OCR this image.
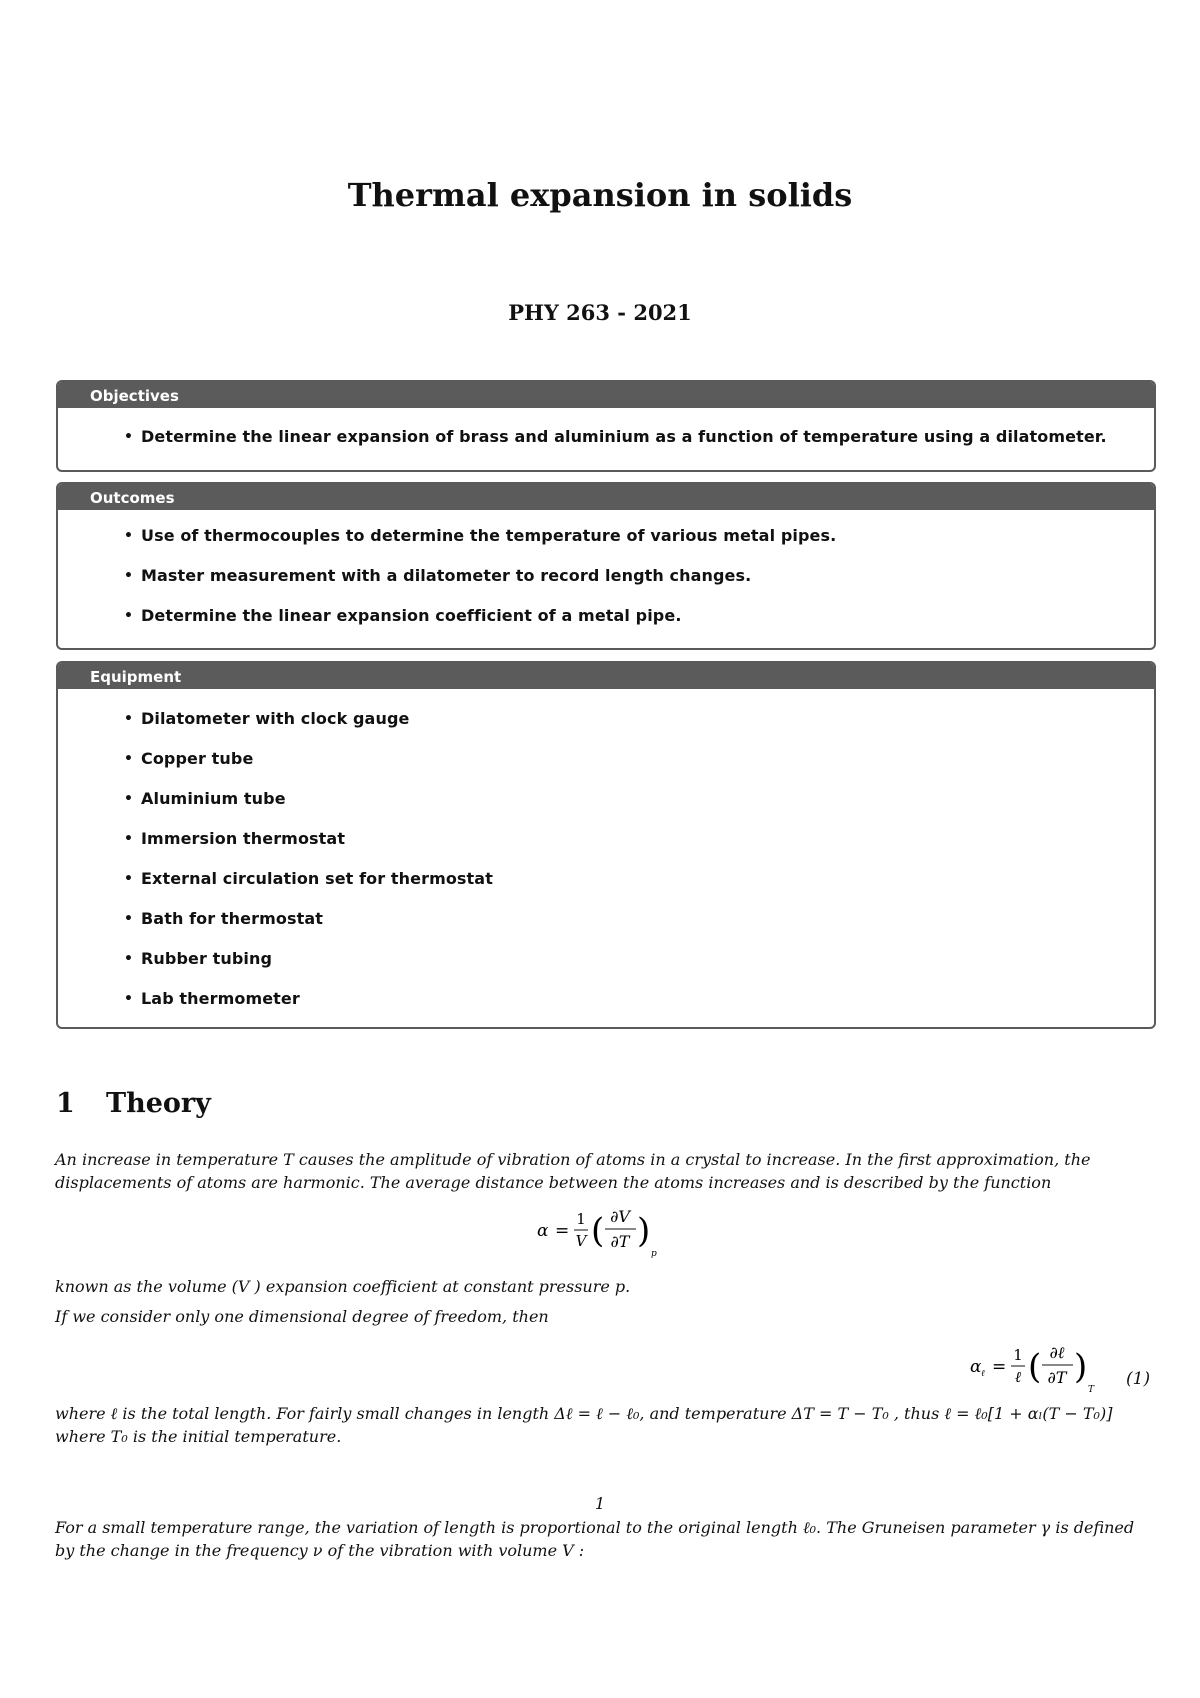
Thermal expansion in solids
PHY 263 - 2021
Objectives
• Determine the linear expansion of brass and aluminium as a function of temperature using a dilatometer.
Outcomes
• Use of thermocouples to determine the temperature of various metal pipes.
• Master measurement with a dilatometer to record length changes.
• Determine the linear expansion coefficient of a metal pipe.
Equipment
• Dilatometer with clock gauge
• Copper tube
• Aluminium tube
• Immersion thermostat
• External circulation set for thermostat
• Bath for thermostat
• Rubber tubing
• Lab thermometer
1 Theory

An increase in temperature T causes the amplitude of vibration of atoms in a crystal to increase. In the first approximation, the displacements of atoms are harmonic. The average distance between the atoms increases and is described by the function

α =
1
V ( ∂V
∂T )
p

known as the volume (V ) expansion coefficient at constant pressure p.

If we consider only one dimensional degree of freedom, then

α ℓ =
1
ℓ ( ∂ℓ
∂T )
T
(1)

where ℓ is the total length. For fairly small changes in length Δℓ = ℓ − ℓ₀, and temperature ΔT = T − T₀ , thus ℓ = ℓ₀[1 + αₗ(T − T₀)] where T₀ is the initial temperature.

1

For a small temperature range, the variation of length is proportional to the original length ℓ₀. The Gruneisen parameter γ is defined by the change in the frequency ν of the vibration with volume V :
